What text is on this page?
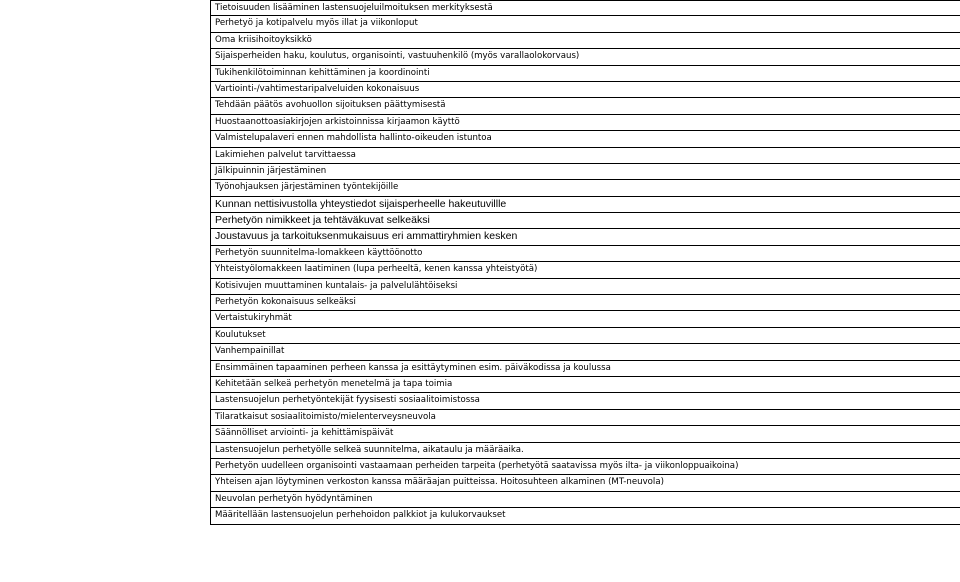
Tietoisuuden lisääminen lastensuojeluilmoituksen merkityksestä
Perhetyö ja kotipalvelu myös illat ja viikonloput
Oma kriisihoitoyksikkö
Sijaisperheiden haku, koulutus, organisointi, vastuuhenkilö (myös varallaolokorvaus)
Tukihenkilötoiminnan kehittäminen ja koordinointi
Vartiointi-/vahtimestaripalveluiden kokonaisuus
Tehdään päätös avohuollon sijoituksen päättymisestä
Huostaanottoasiakirjojen arkistoinnissa kirjaamon käyttö
Valmistelupalaveri ennen mahdollista hallinto-oikeuden istuntoa
Lakimiehen palvelut tarvittaessa
Jälkipuinnin järjestäminen
Työnohjauksen järjestäminen työntekijöille
Kunnan nettisivustolla yhteystiedot sijaisperheelle hakeutuvillle
Perhetyön nimikkeet ja tehtäväkuvat selkeäksi
Joustavuus ja tarkoituksenmukaisuus eri ammattiryhmien kesken
Perhetyön suunnitelma-lomakkeen käyttöönotto
Yhteistyölomakkeen laatiminen (lupa perheeltä, kenen kanssa yhteistyötä)
Kotisivujen muuttaminen kuntalais- ja palvelulähtöiseksi
Perhetyön kokonaisuus selkeäksi
Vertaistukiryhmät
Koulutukset
Vanhempainillat
Ensimmäinen tapaaminen perheen kanssa ja esittäytyminen esim. päiväkodissa ja koulussa
Kehitetään selkeä perhetyön menetelmä ja tapa toimia
Lastensuojelun perhetyöntekijät fyysisesti sosiaalitoimistossa
Tilaratkaisut sosiaalitoimisto/mielenterveysneuvola
Säännölliset arviointi- ja kehittämispäivät
Lastensuojelun perhetyölle selkeä suunnitelma, aikataulu ja määräaika.
Perhetyön uudelleen organisointi vastaamaan perheiden tarpeita (perhetyötä saatavissa myös ilta- ja viikonloppuaikoina)
Yhteisen ajan löytyminen verkoston kanssa määräajan puitteissa. Hoitosuhteen alkaminen (MT-neuvola)
Neuvolan perhetyön hyödyntäminen
Määritellään lastensuojelun perhehoidon palkkiot ja kulukorvaukset
